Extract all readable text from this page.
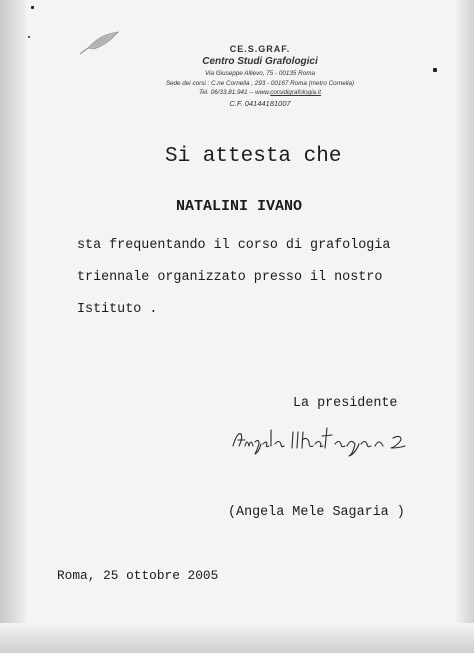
CE.S.GRAF.
Centro Studi Grafologici
Via Giuseppe Allievo, 75 - 00135 Roma
Sede dei corsi : C.ne Cornelia , 293 - 00167 Roma (metro Cornelia)
Tel. 06/33.81.941 -- www.corsidigrafologia.it
C.F. 04144181007
Si attesta che
NATALINI IVANO
sta frequentando il corso di grafologia
triennale organizzato presso il nostro
Istituto .
La presidente
(Angela Mele Sagaria )
Roma, 25 ottobre 2005
